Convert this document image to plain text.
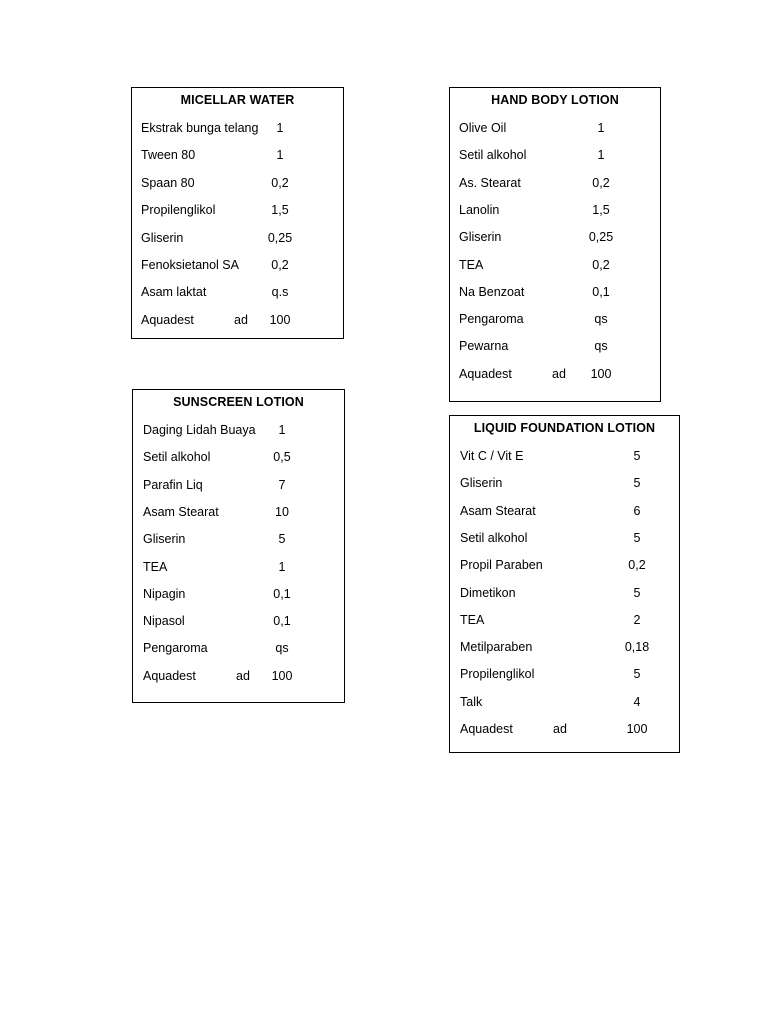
MICELLAR WATER
Ekstrak bunga telang 1
Tween 80	1
Spaan 80	0,2
Propilenglikol	1,5
Gliserin	0,25
Fenoksietanol SA	0,2
Asam laktat	q.s
Aquadest	ad 100
HAND BODY LOTION
Olive Oil	1
Setil alkohol	1
As. Stearat	0,2
Lanolin	1,5
Gliserin	0,25
TEA	0,2
Na Benzoat	0,1
Pengaroma	qs
Pewarna	qs
Aquadest	ad 100
SUNSCREEN LOTION
Daging Lidah Buaya 1
Setil alkohol	0,5
Parafin Liq	7
Asam Stearat	10
Gliserin	5
TEA	1
Nipagin	0,1
Nipasol	0,1
Pengaroma	qs
Aquadest	ad 100
LIQUID FOUNDATION LOTION
Vit C / Vit E	5
Gliserin	5
Asam Stearat	6
Setil alkohol	5
Propil Paraben	0,2
Dimetikon	5
TEA	2
Metilparaben	0,18
Propilenglikol	5
Talk	4
Aquadest	ad	100
